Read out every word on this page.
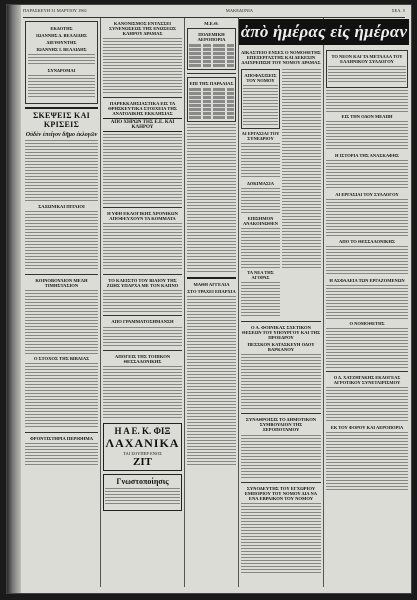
ΠΑΡΑΣΚΕΥΗ 31 ΜΑΡΤΙΟΥ 1961	ΜΑΚΕΔΟΝΙΑ	ΣΕΛ. 5
ΕΚΔΟΤΗΣ
ΙΩΑΝΝΗΣ Δ. ΒΕΛΛΙΔΗΣ
ΔΙΕΥΘΥΝΤΗΣ
ΙΩΑΝΝΗΣ Ι. ΒΕΛΛΙΔΗΣ
ΣΥΝΔΡΟΜΑΙ
ΣΚΕΨΕΙΣ ΚΑΙ ΚΡΙΣΕΙΣ
Οὐδὲν ἐπείγον δῆμο ἐκλογῶν
ΣΑΞΩΝΙΚΑΙ ΠΙΤΑΙΟΙ
ΚΟΙΝΟΒΟΥΛΙΟΝ ΜΕΛΗ ΤΙΜΗΣΤΑΣΙΟΝ
Ο ΣΤΟΧΟΣ ΤΗΣ ΒΙΒΛΙΑΣ
ΦΡΟΝΤΙΣΤΗΡΙΑ ΠΕΡΙΦΗΜΑ
ΚΑΝΟΝΙΣΜΟΣ ΕΝΤΑΣΣΕΙ ΣΥΝΕΝΩΣΕΩΣ ΤΗΣ ΕΝΩΣΕΩΣ ΚΛΗΡΟΥ ΔΡΑΜΑΣ
ΠΑΡΕΚΚΛΗΣΙΑΣΤΙΚΑ ΕΙΣ ΤΑ ΘΡΗΣΚΕΥΤΙΚΑ ΣΤΟΙΧΕΙΑ ΤΗΣ ΑΝΑΤΟΛΙΚΗΣ ΕΚΚΛΗΣΙΑΣ
ΑΠΟ ΧΗΡΩΝ ΤΗΣ Ε.Ε. ΚΑΙ ΚΛΗΡΟΥ
Η ΥΦΗ ΕΚΛΟΓΙΚΗΣ ΧΡΟΝΙΚΩΝ ΑΠΟΦΕΥΧΟΥΝ ΤΑ ΚΟΜΜΑΤΑ
ΤΟ ΚΛΕΙΣΤΟ ΤΟΥ ΒΙΑΙΟΥ ΤΗΣ ΖΩΗΣ ΥΠΑΡΧΑ ΜΕ ΤΟΝ ΚΑΠΝΟ
ΑΠΟ ΓΡΑΜΜΑΤΟΣΗΜΑΝΣΗ
ΑΠΟΓΕΙΣ ΤΗΣ ΤΟΠΙΚΟΝ ΘΕΣΣΑΛΟΝΙΚΗΣ
Η Α Ε. Κ. ΦΙΞ
ΛΑΧΑΝΙΚΑ
ΤΑΙ ΣΟΥΠΕΡ ΕΝΟΣ
ΖΙΤ
Γνωστοποίησις
Μ.Ε.Θ.
ΠΟΛΕΜΙΚΗ ΑΕΡΟΠΟΡΙΑ
ΕΠΙ ΤΗΣ ΠΑΡΑΛΙΑΣ
ΜΑΘΗ ΑΓΓΕΛΙΑ
ΣΤΟ ΤΡΑΧΕΙ ΕΠΑΡΧΙΑ
ἀπὸ ἡμέρας εἰς ἡμέραν
ΔΙΚΑΣΤΕΙΟ ΕΝΣΕΣ Ο ΝΟΜΟΘΕΤΗΣ ΕΠΕΞΕΡΓΑΣΤΗΣ ΚΑΙ ΔΕΚΕΣΙΝ ΔΑΙΧΡΕΠΙΣΗ ΤΟΥ ΝΟΜΟΥ ΔΡΑΜΑΣ
ΑΠΟΦΑΣΙΣΕΙΣ ΤΟΥ ΝΟΜΟΥ
ΑΙ ΕΡΓΑΣΙΑΙ ΤΟΥ ΣΥΝΕΔΡΙΟΥ
ΔΟΚΙΜΑΣΙΑ
ΕΠΙΣΗΜΟΝ ΑΝΑΚΟΙΝΩΘΕΝ
ΤΑ ΝΕΑ ΤΗΣ ΑΓΟΡΑΣ
Ο Α. ΦΟΙΝΙΚΑΣ ΣΧΕΤΙΚΟΝ ΘΕΣΕΩΝ ΤΟΥ ΥΠΟΥΡΓΟΥ ΚΑΙ ΤΗΣ ΠΡΟΕΔΡΟΥ
ΠΕΣΣΚΟΝ ΚΑΤΑΣΚΕΥΗ ΟΔΟΥ ΒΑΡΚΑΝΟΥ
ΣΥΝΑΘΡΟΙΣΙΣ ΤΟ ΔΗΜΟΤΙΚΟΝ ΣΥΜΒΟΥΛΙΟΝ ΤΗΣ ΞΕΡΟΠΟΤΑΜΟΥ
ΣΥΝΟΔΕΥΤΗΣ ΤΟΥ ΕΓΧΩΡΙΟΥ ΕΜΠΟΡΙΟΥ ΤΟΥ ΝΟΜΟΥ ΔΙΑ ΝΑ ΕΝΑ ΕΒΡΑΙΚΟΝ ΤΟΥ ΝΟΜΟΥ
ΤΟ ΝΕΟΝ ΚΑΙ ΤΑ ΜΕΤΑΛΛΑ ΤΟΥ ΕΛΛΗΝΙΚΟΥ ΣΥΛΛΟΓΟΥ
ΕΙΣ ΤΗΝ ΟΔΟΝ ΜΕΛΠΗ
Η ΙΣΤΟΡΙΑ ΤΗΣ ΑΝΑΣΚΑΦΗΣ
ΑΙ ΕΡΓΑΣΙΑΙ ΤΟΥ ΣΥΛΛΟΓΟΥ
ΑΠΟ ΤΟ ΘΕΣΣΑΛΟΝΙΚΗΣ
Η ΑΣΦΑΛΕΙΑ ΤΩΝ ΕΡΓΑΖΟΜΕΝΩΝ
Ο ΝΟΜΟΘΕΤΗΣ
Ο Δ. ΧΑΤΖΗΓΑΚΗΣ ΕΚΛΟΓΕΑΣ ΑΓΡΟΤΙΚΟΥ ΣΥΝΕΤΑΙΡΙΣΜΟΥ
ΕΚ ΤΟΥ ΦΟΡΟΥ ΚΑΙ ΑΕΡΟΠΟΡΙΑ
